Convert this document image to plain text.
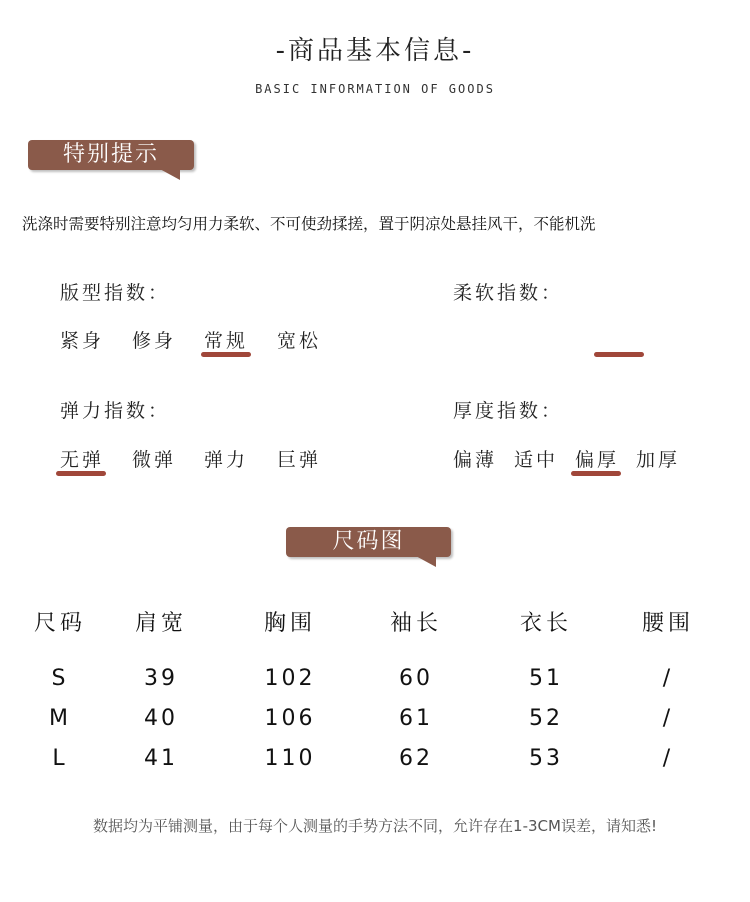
-商品基本信息-
BASIC INFORMATION OF GOODS
特别提示
洗涤时需要特别注意均匀用力柔软、不可使劲揉搓，置于阴凉处悬挂风干，不能机洗
版型指数：
紧身 修身 常规 宽松
柔软指数：
弹力指数：
无弹 微弹 弹力 巨弹
厚度指数：
偏薄 适中 偏厚 加厚
尺码图
尺码	肩宽	胸围	袖长	衣长	腰围
S	39	102	60	51	/
M	40	106	61	52	/
L	41	110	62	53	/
数据均为平铺测量，由于每个人测量的手势方法不同，允许存在1-3CM误差，请知悉!
